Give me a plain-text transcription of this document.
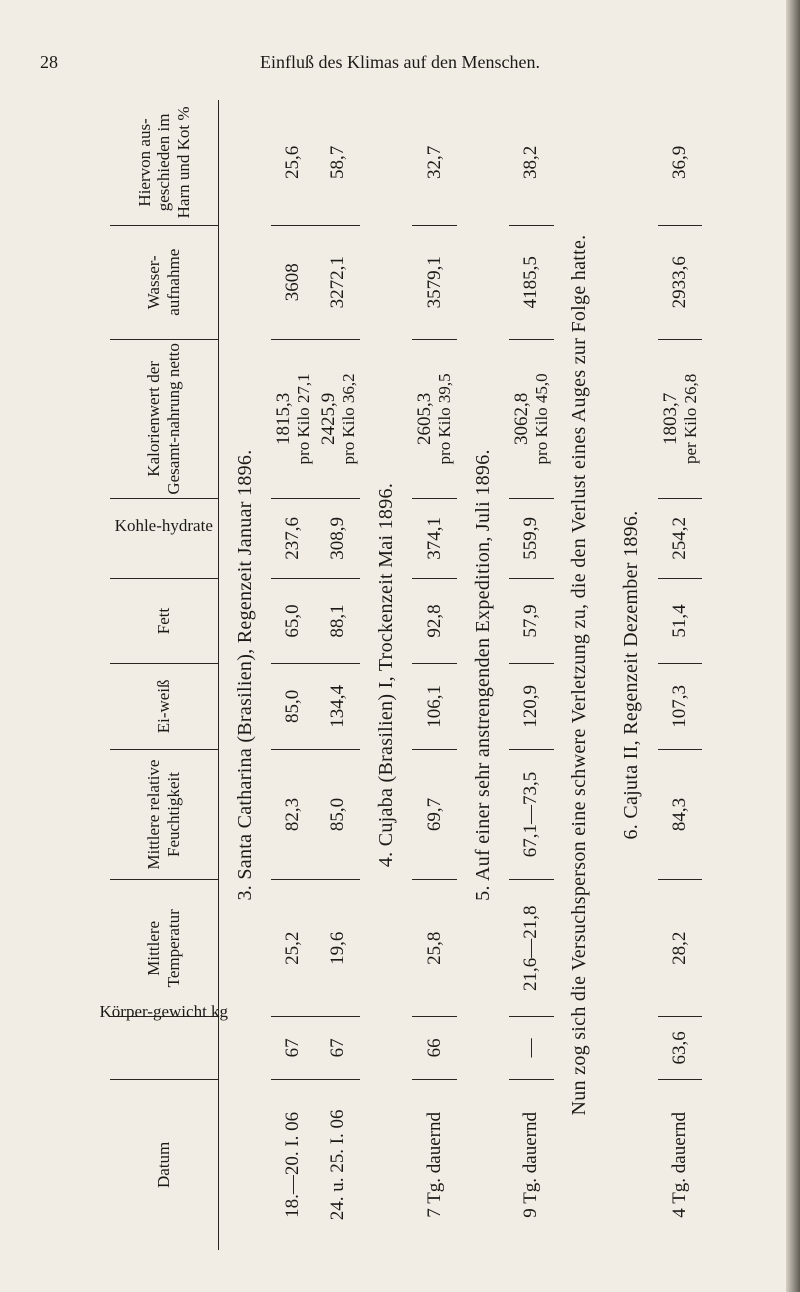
28	Einfluß des Klimas auf den Menschen.
Datum	Körper-gewicht kg	Mittlere Temperatur	Mittlere relative Feuchtigkeit	Ei-weiß	Fett	Kohle-hydrate	Kalorienwert der Gesamt-nahrung netto	Wasser-aufnahme	Hiervon aus-geschieden im Harn und Kot %
3. Santa Catharina (Brasilien), Regenzeit Januar 1896.									
18.—20. I. 06	67	25,2	82,3	85,0	65,0	237,6	1815,3 pro Kilo 27,1	3608	25,6
24. u. 25. I. 06	67	19,6	85,0	134,4	88,1	308,9	2425,9 pro Kilo 36,2	3272,1	58,7
4. Cujaba (Brasilien) I, Trockenzeit Mai 1896.									
7 Tg. dauernd	66	25,8	69,7	106,1	92,8	374,1	2605,3 pro Kilo 39,5	3579,1	32,7
5. Auf einer sehr anstrengenden Expedition, Juli 1896.									
9 Tg. dauernd	—	21,6—21,8	67,1—73,5	120,9	57,9	559,9	3062,8 pro Kilo 45,0	4185,5	38,2
Nun zog sich die Versuchsperson eine schwere Verletzung zu, die den Verlust eines Auges zur Folge hatte.									
6. Cajuta II, Regenzeit Dezember 1896.									
4 Tg. dauernd	63,6	28,2	84,3	107,3	51,4	254,2	1803,7 per Kilo 26,8	2933,6	36,9
